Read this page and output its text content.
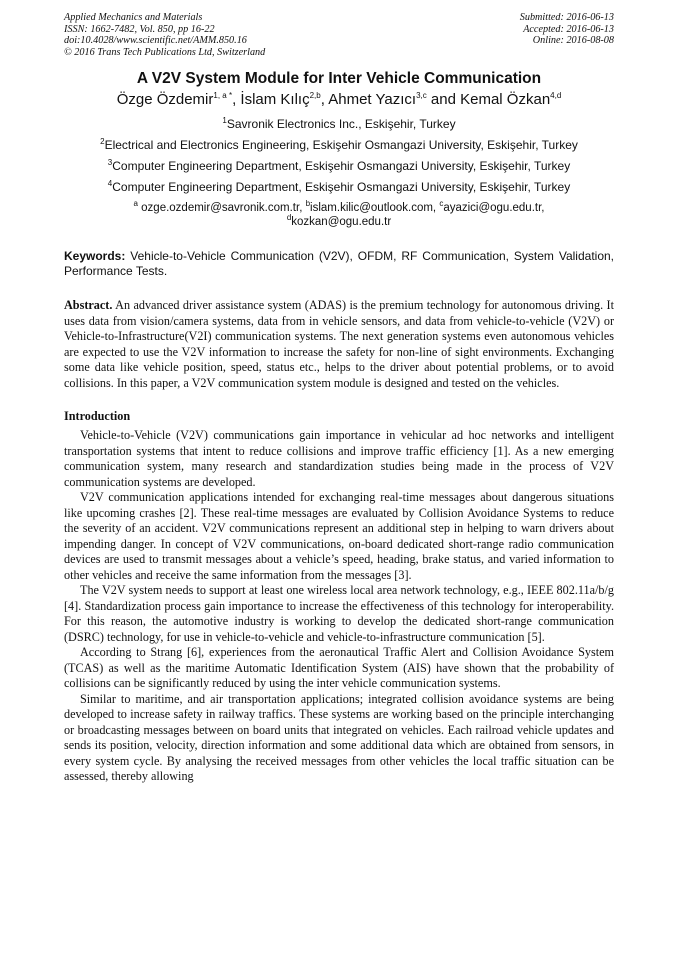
Applied Mechanics and Materials
ISSN: 1662-7482, Vol. 850, pp 16-22
doi:10.4028/www.scientific.net/AMM.850.16
© 2016 Trans Tech Publications Ltd, Switzerland
Submitted: 2016-06-13
Accepted: 2016-06-13
Online: 2016-08-08
A V2V System Module for Inter Vehicle Communication
Özge Özdemir$^{1, a *}$, İslam Kılıç$^{2,b}$, Ahmet Yazıcı$^{3,c}$ and Kemal Özkan$^{4,d}$
$^1$Savronik Electronics Inc., Eskişehir, Turkey
$^2$Electrical and Electronics Engineering, Eskişehir Osmangazi University, Eskişehir, Turkey
$^3$Computer Engineering Department, Eskişehir Osmangazi University, Eskişehir, Turkey
$^4$Computer Engineering Department, Eskişehir Osmangazi University, Eskişehir, Turkey
$^a$ ozge.ozdemir@savronik.com.tr, $^b$islam.kilic@outlook.com, $^c$ayazici@ogu.edu.tr,
$^d$kozkan@ogu.edu.tr
Keywords: Vehicle-to-Vehicle Communication (V2V), OFDM, RF Communication, System Validation, Performance Tests.
Abstract. An advanced driver assistance system (ADAS) is the premium technology for autonomous driving. It uses data from vision/camera systems, data from in vehicle sensors, and data from vehicle-to-vehicle (V2V) or Vehicle-to-Infrastructure(V2I) communication systems. The next generation systems even autonomous vehicles are expected to use the V2V information to increase the safety for non-line of sight environments. Exchanging some data like vehicle position, speed, status etc., helps to the driver about potential problems, or to avoid collisions. In this paper, a V2V communication system module is designed and tested on the vehicles.
Introduction
Vehicle-to-Vehicle (V2V) communications gain importance in vehicular ad hoc networks and intelligent transportation systems that intent to reduce collisions and improve traffic efficiency [1]. As a new emerging communication system, many research and standardization studies being made in the process of V2V communication systems are developed.
V2V communication applications intended for exchanging real-time messages about dangerous situations like upcoming crashes [2]. These real-time messages are evaluated by Collision Avoidance Systems to reduce the severity of an accident. V2V communications represent an additional step in helping to warn drivers about impending danger. In concept of V2V communications, on-board dedicated short-range radio communication devices are used to transmit messages about a vehicle’s speed, heading, brake status, and varied information to other vehicles and receive the same information from the messages [3].
The V2V system needs to support at least one wireless local area network technology, e.g., IEEE 802.11a/b/g [4]. Standardization process gain importance to increase the effectiveness of this technology for interoperability. For this reason, the automotive industry is working to develop the dedicated short-range communication (DSRC) technology, for use in vehicle-to-vehicle and vehicle-to-infrastructure communication [5].
According to Strang [6], experiences from the aeronautical Traffic Alert and Collision Avoidance System (TCAS) as well as the maritime Automatic Identification System (AIS) have shown that the probability of collisions can be significantly reduced by using the inter vehicle communication systems.
Similar to maritime, and air transportation applications; integrated collision avoidance systems are being developed to increase safety in railway traffics. These systems are working based on the principle interchanging or broadcasting messages between on board units that integrated on vehicles. Each railroad vehicle updates and sends its position, velocity, direction information and some additional data which are obtained from sensors, in every system cycle. By analysing the received messages from other vehicles the local traffic situation can be assessed, thereby allowing
